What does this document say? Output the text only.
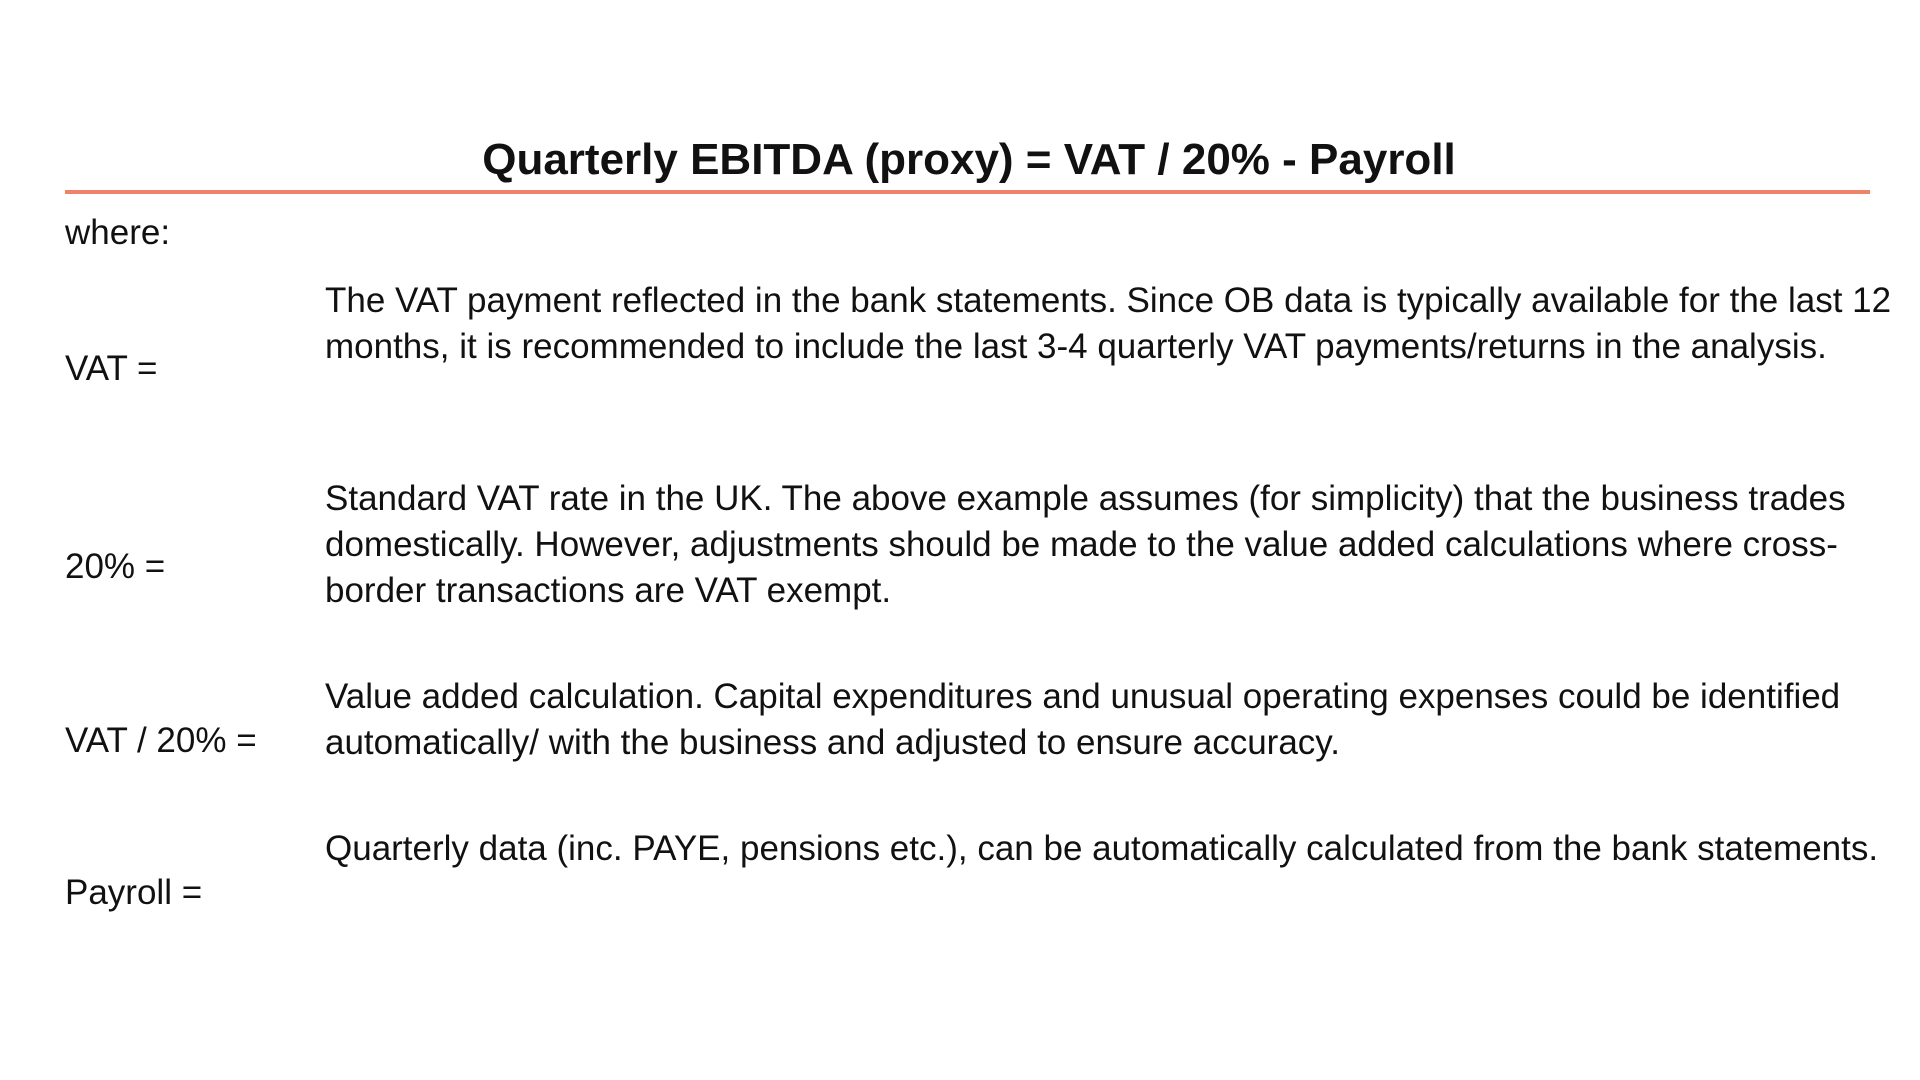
Quarterly EBITDA (proxy) = VAT / 20% - Payroll
where:
VAT =
The VAT payment reflected in the bank statements. Since OB data is typically available for the last 12 months, it is recommended to include the last 3-4 quarterly VAT payments/returns in the analysis.
20% =
Standard VAT rate in the UK. The above example assumes (for simplicity) that the business trades domestically. However, adjustments should be made to the value added calculations where cross-border transactions are VAT exempt.
VAT / 20% =
Value added calculation. Capital expenditures and unusual operating expenses could be identified automatically/ with the business and adjusted to ensure accuracy.
Payroll =
Quarterly data (inc. PAYE, pensions etc.), can be automatically calculated from the bank statements.
